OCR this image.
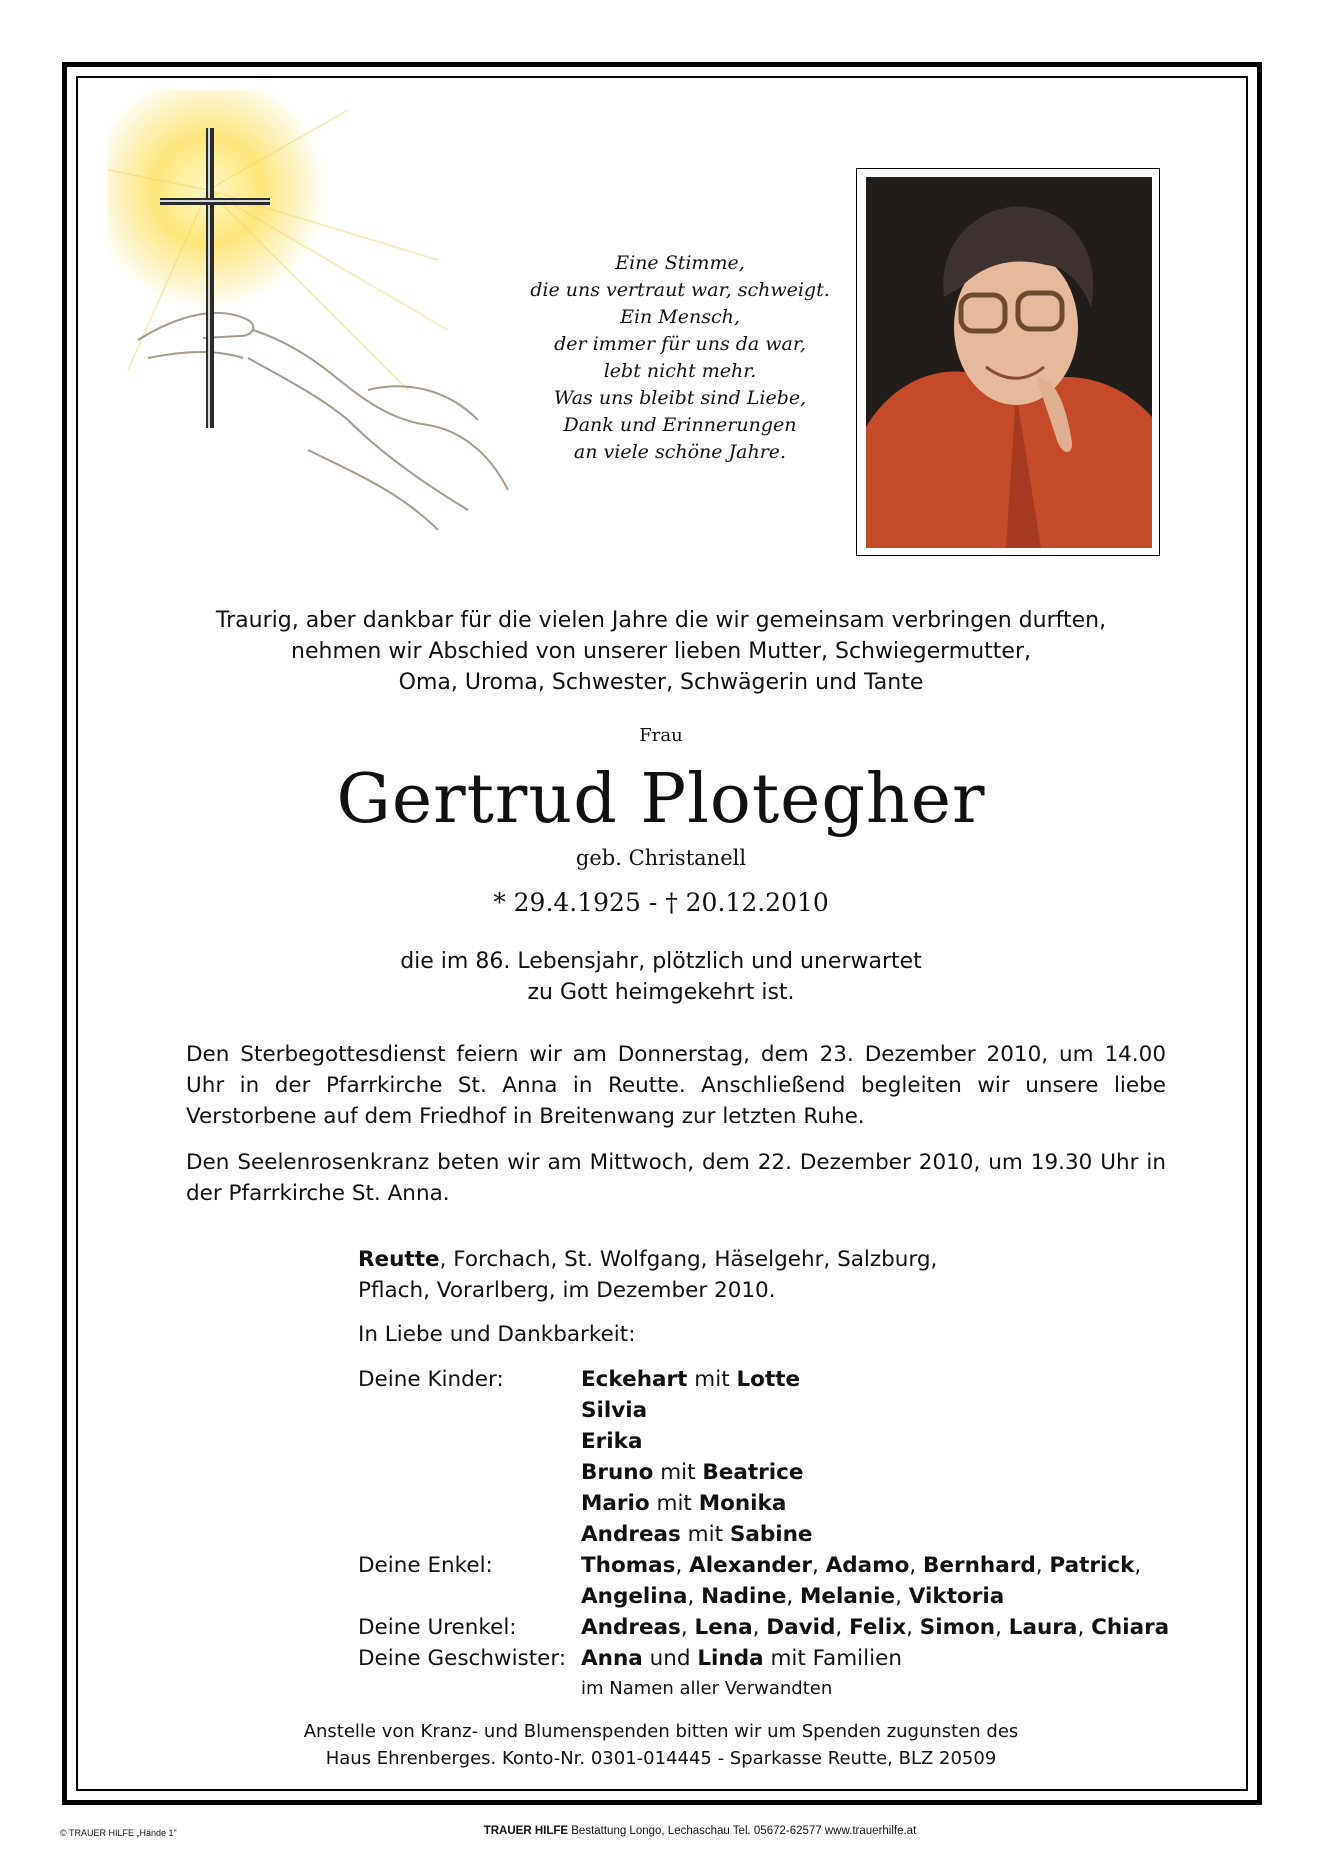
Eine Stimme,
die uns vertraut war, schweigt.
Ein Mensch,
der immer für uns da war,
lebt nicht mehr.
Was uns bleibt sind Liebe,
Dank und Erinnerungen
an viele schöne Jahre.
Traurig, aber dankbar für die vielen Jahre die wir gemeinsam verbringen durften,
nehmen wir Abschied von unserer lieben Mutter, Schwiegermutter,
Oma, Uroma, Schwester, Schwägerin und Tante
Frau
Gertrud Plotegher
geb. Christanell
* 29.4.1925 - † 20.12.2010
die im 86. Lebensjahr, plötzlich und unerwartet
zu Gott heimgekehrt ist.
Den Sterbegottesdienst feiern wir am Donnerstag, dem 23. Dezember 2010, um 14.00 Uhr in der Pfarrkirche St. Anna in Reutte. Anschließend begleiten wir unsere liebe Verstorbene auf dem Friedhof in Breitenwang zur letzten Ruhe.
Den Seelenrosenkranz beten wir am Mittwoch, dem 22. Dezember 2010, um 19.30 Uhr in der Pfarrkirche St. Anna.
Reutte, Forchach, St. Wolfgang, Häselgehr, Salzburg,
Pflach, Vorarlberg, im Dezember 2010.
In Liebe und Dankbarkeit:
Deine Kinder:	Eckehart mit Lotte
Silvia
Erika
Bruno mit Beatrice
Mario mit Monika
Andreas mit Sabine
Deine Enkel:	Thomas, Alexander, Adamo, Bernhard, Patrick,
Angelina, Nadine, Melanie, Viktoria
Deine Urenkel:	Andreas, Lena, David, Felix, Simon, Laura, Chiara
Deine Geschwister: Anna und Linda mit Familien
im Namen aller Verwandten
Anstelle von Kranz- und Blumenspenden bitten wir um Spenden zugunsten des
Haus Ehrenberges. Konto-Nr. 0301-014445 - Sparkasse Reutte, BLZ 20509
© TRAUER HILFE „Hände 1"	TRAUER HILFE Bestattung Longo, Lechaschau Tel. 05672-62577 www.trauerhilfe.at
